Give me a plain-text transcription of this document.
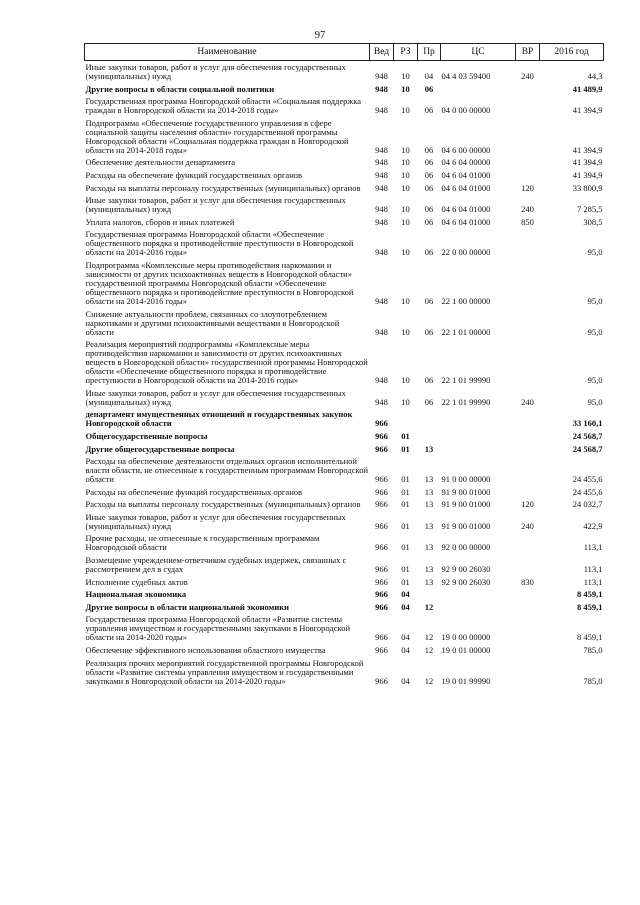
97
Наименование	Вед	РЗ	Пр	ЦС	ВР	2016 год
Иные закупки товаров, работ и услуг для обеспечения государственных (муниципальных) нужд	948	10	04	04 4 03 59400	240	44,3
Другие вопросы в области социальной политики	948	10	06			41 489,9
Государственная программа Новгородской области «Социальная поддержка граждан в Новгородской области на 2014-2018 годы»	948	10	06	04 0 00 00000		41 394,9
Подпрограмма «Обеспечение государственного управления в сфере социальной защиты населения области» государственной программы Новгородской области «Социальная поддержка граждан в Новгородской области на 2014-2018 годы»	948	10	06	04 6 00 00000		41 394,9
Обеспечение деятельности департамента	948	10	06	04 6 04 00000		41 394,9
Расходы на обеспечение функций государственных органов	948	10	06	04 6 04 01000		41 394,9
Расходы на выплаты персоналу государственных (муниципальных) органов	948	10	06	04 6 04 01000	120	33 800,9
Иные закупки товаров, работ и услуг для обеспечения государственных (муниципальных) нужд	948	10	06	04 6 04 01000	240	7 285,5
Уплата налогов, сборов и иных платежей	948	10	06	04 6 04 01000	850	308,5
Государственная программа Новгородской области «Обеспечение общественного порядка и противодействие преступности в Новгородской области на 2014-2016 годы»	948	10	06	22 0 00 00000		95,0
Подпрограмма «Комплексные меры противодействия наркомании и зависимости от других психоактивных веществ в Новгородской области» государственной программы Новгородской области «Обеспечение общественного порядка и противодействие преступности в Новгородской области на 2014-2016 годы»	948	10	06	22 1 00 00000		95,0
Снижение актуальности проблем, связанных со злоупотреблением наркотиками и другими психоактивными веществами в Новгородской области	948	10	06	22 1 01 00000		95,0
Реализация мероприятий подпрограммы «Комплексные меры противодействия наркомании и зависимости от других психоактивных веществ в Новгородской области» государственной программы Новгородской области «Обеспечение общественного порядка и противодействие преступности в Новгородской области на 2014-2016 годы»	948	10	06	22 1 01 99990		95,0
Иные закупки товаров, работ и услуг для обеспечения государственных (муниципальных) нужд	948	10	06	22 1 01 99990	240	95,0
департамент имущественных отношений и государственных закупок Новгородской области	966					33 160,1
Общегосударственные вопросы	966	01				24 568,7
Другие общегосударственные вопросы	966	01	13			24 568,7
Расходы на обеспечение деятельности отдельных органов исполнительной власти области, не отнесенные к государственным программам Новгородской области	966	01	13	91 0 00 00000		24 455,6
Расходы на обеспечение функций государственных органов	966	01	13	91 9 00 01000		24 455,6
Расходы на выплаты персоналу государственных (муниципальных) органов	966	01	13	91 9 00 01000	120	24 032,7
Иные закупки товаров, работ и услуг для обеспечения государственных (муниципальных) нужд	966	01	13	91 9 00 01000	240	422,9
Прочие расходы, не отнесенные к государственным программам Новгородской области	966	01	13	92 0 00 00000		113,1
Возмещение учреждением-ответчиком судебных издержек, связанных с рассмотрением дел в судах	966	01	13	92 9 00 26030		113,1
Исполнение судебных актов	966	01	13	92 9 00 26030	830	113,1
Национальная экономика	966	04				8 459,1
Другие вопросы в области национальной экономики	966	04	12			8 459,1
Государственная программа Новгородской области «Развитие системы управления имуществом и государственными закупками в Новгородской области на 2014-2020 годы»	966	04	12	19 0 00 00000		8 459,1
Обеспечение эффективного использования областного имущества	966	04	12	19 0 01 00000		785,0
Реализация прочих мероприятий государственной программы Новгородской области «Развитие системы управления имуществом и государственными закупками в Новгородской области на 2014-2020 годы»	966	04	12	19 0 01 99990		785,0
